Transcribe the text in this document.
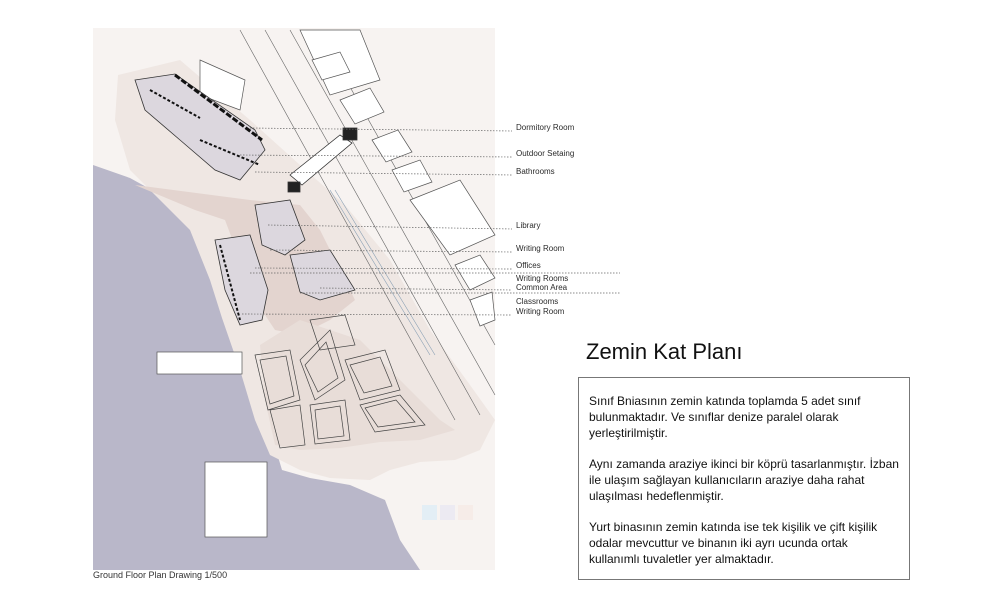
Dormitory Room
Outdoor Setaing
Bathrooms
Library
Writing Room
Offices
Writing Rooms
Common Area
Classrooms
Writing Room
Ground Floor Plan Drawing 1/500
Zemin Kat Planı

Sınıf Bniasının zemin katında toplamda 5 adet sınıf bulunmaktadır. Ve sınıflar denize paralel olarak yerleştirilmiştir.

Aynı zamanda araziye ikinci bir köprü tasarlanmıştır. İzban ile ulaşım sağlayan kullanıcıların araziye daha rahat ulaşılması hedeflenmiştir.

Yurt binasının zemin katında ise tek kişilik ve çift kişilik odalar mevcuttur ve binanın iki ayrı ucunda ortak kullanımlı tuvaletler yer almaktadır.
